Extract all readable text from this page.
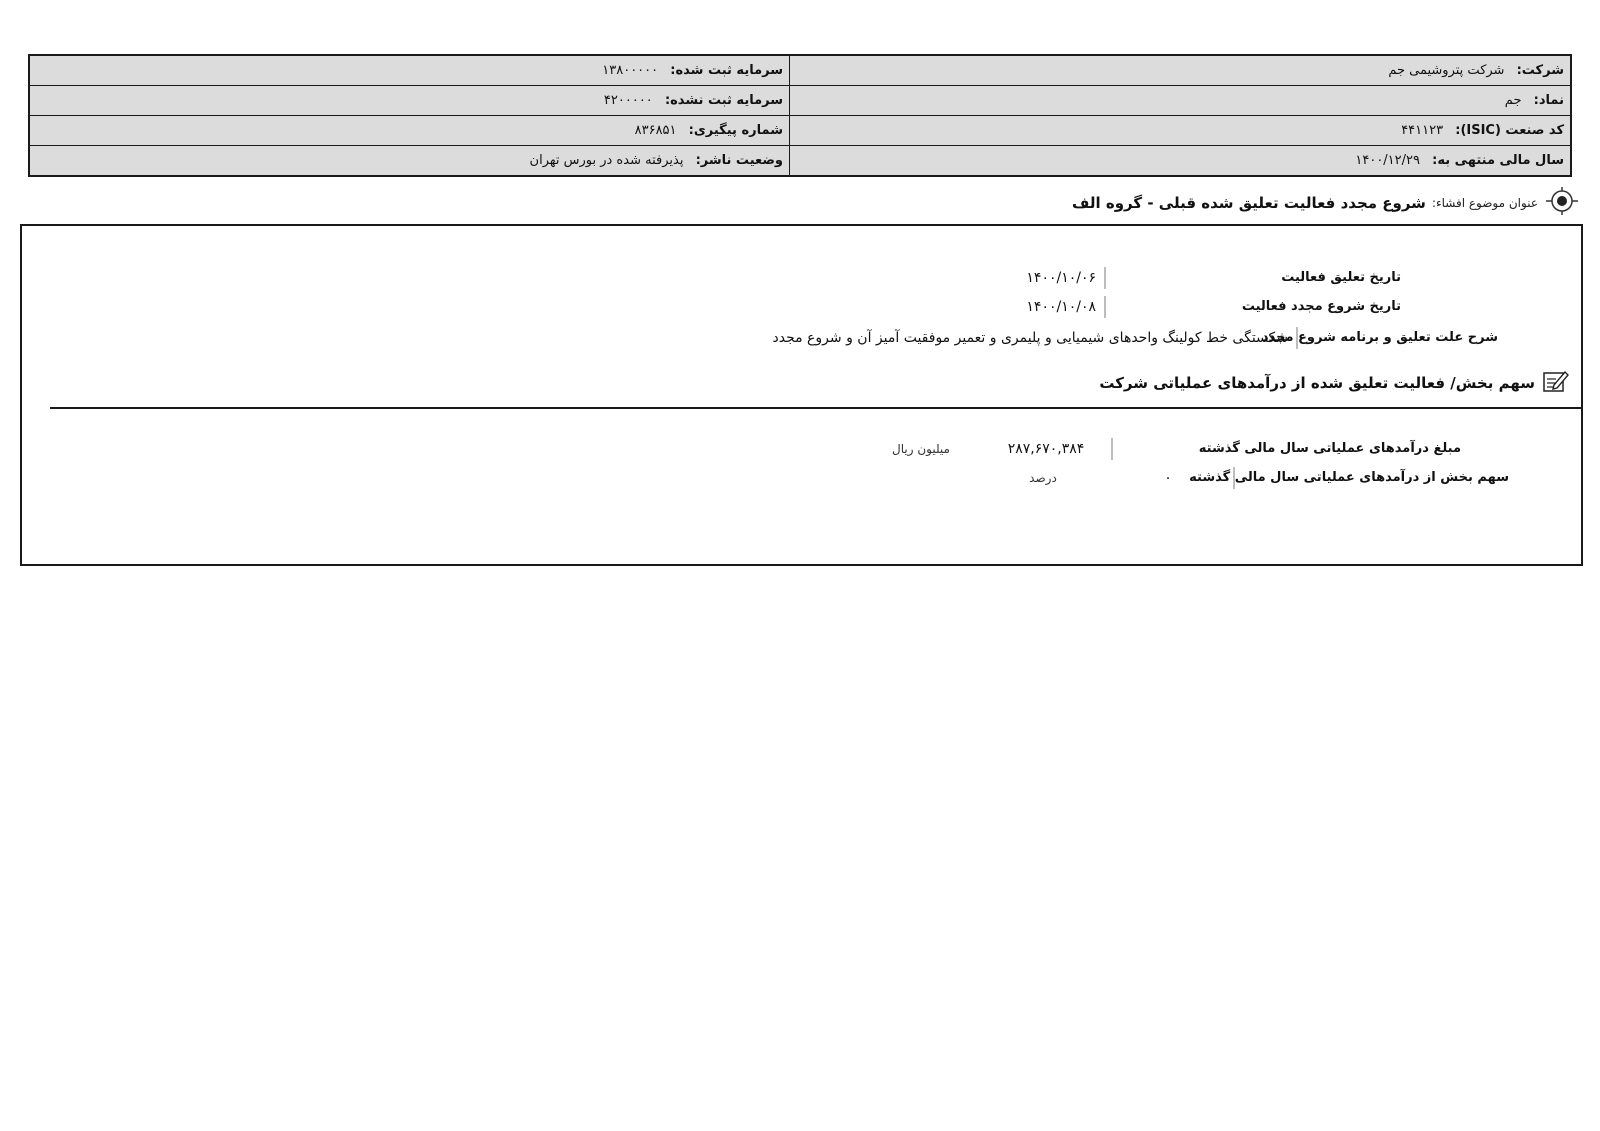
شرکت: شرکت پتروشیمی جم	سرمایه ثبت شده: ۱۳۸۰۰۰۰۰
نماد: جم	سرمایه ثبت نشده: ۴۲۰۰۰۰۰
کد صنعت (ISIC): ۴۴۱۱۲۳	شماره پیگیری: ۸۳۶۸۵۱
سال مالی منتهی به: ۱۴۰۰/۱۲/۲۹	وضعیت ناشر: پذیرفته شده در بورس تهران
عنوان موضوع افشاء:
شروع مجدد فعالیت تعلیق شده قبلی - گروه الف
تاریخ تعلیق فعالیت
۱۴۰۰/۱۰/۰۶
تاریخ شروع مجدد فعالیت
۱۴۰۰/۱۰/۰۸
شرح علت تعلیق و برنامه شروع مجدد
شکستگی خط کولینگ واحدهای شیمیایی و پلیمری و تعمیر موفقیت آمیز آن و شروع مجدد
سهم بخش/ فعالیت تعلیق شده از درآمدهای عملیاتی شرکت
مبلغ درآمدهای عملیاتی سال مالی گذشته
۲۸۷,۶۷۰,۳۸۴
میلیون ریال
سهم بخش از درآمدهای عملیاتی سال مالی گذشته
۰
درصد
